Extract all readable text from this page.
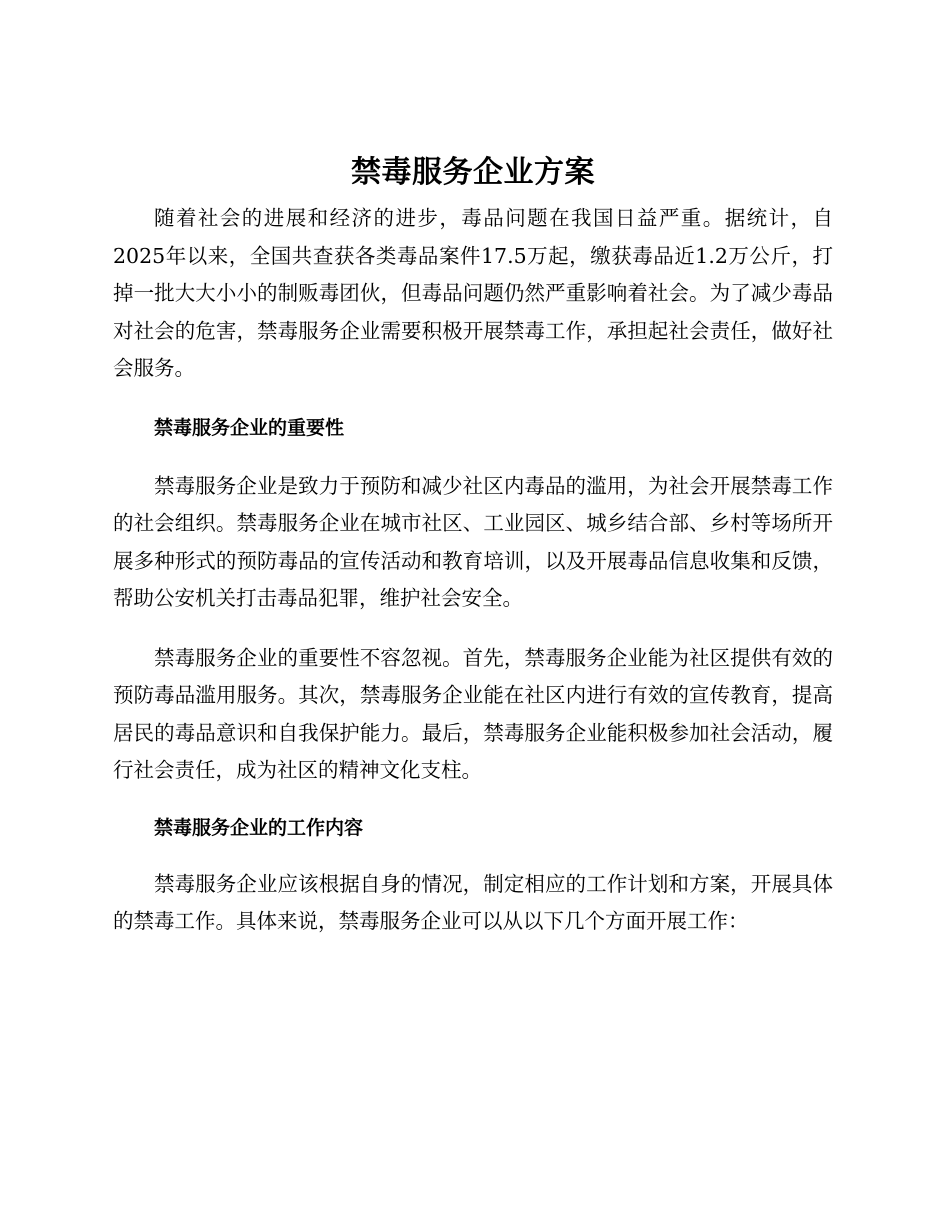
禁毒服务企业方案

随着社会的进展和经济的进步，毒品问题在我国日益严重。据统计，自2025年以来，全国共查获各类毒品案件17.5万起，缴获毒品近1.2万公斤，打掉一批大大小小的制贩毒团伙，但毒品问题仍然严重影响着社会。为了减少毒品对社会的危害，禁毒服务企业需要积极开展禁毒工作，承担起社会责任，做好社会服务。

禁毒服务企业的重要性

禁毒服务企业是致力于预防和减少社区内毒品的滥用，为社会开展禁毒工作的社会组织。禁毒服务企业在城市社区、工业园区、城乡结合部、乡村等场所开展多种形式的预防毒品的宣传活动和教育培训，以及开展毒品信息收集和反馈，帮助公安机关打击毒品犯罪，维护社会安全。

禁毒服务企业的重要性不容忽视。首先，禁毒服务企业能为社区提供有效的预防毒品滥用服务。其次，禁毒服务企业能在社区内进行有效的宣传教育，提高居民的毒品意识和自我保护能力。最后，禁毒服务企业能积极参加社会活动，履行社会责任，成为社区的精神文化支柱。

禁毒服务企业的工作内容

禁毒服务企业应该根据自身的情况，制定相应的工作计划和方案，开展具体的禁毒工作。具体来说，禁毒服务企业可以从以下几个方面开展工作：
